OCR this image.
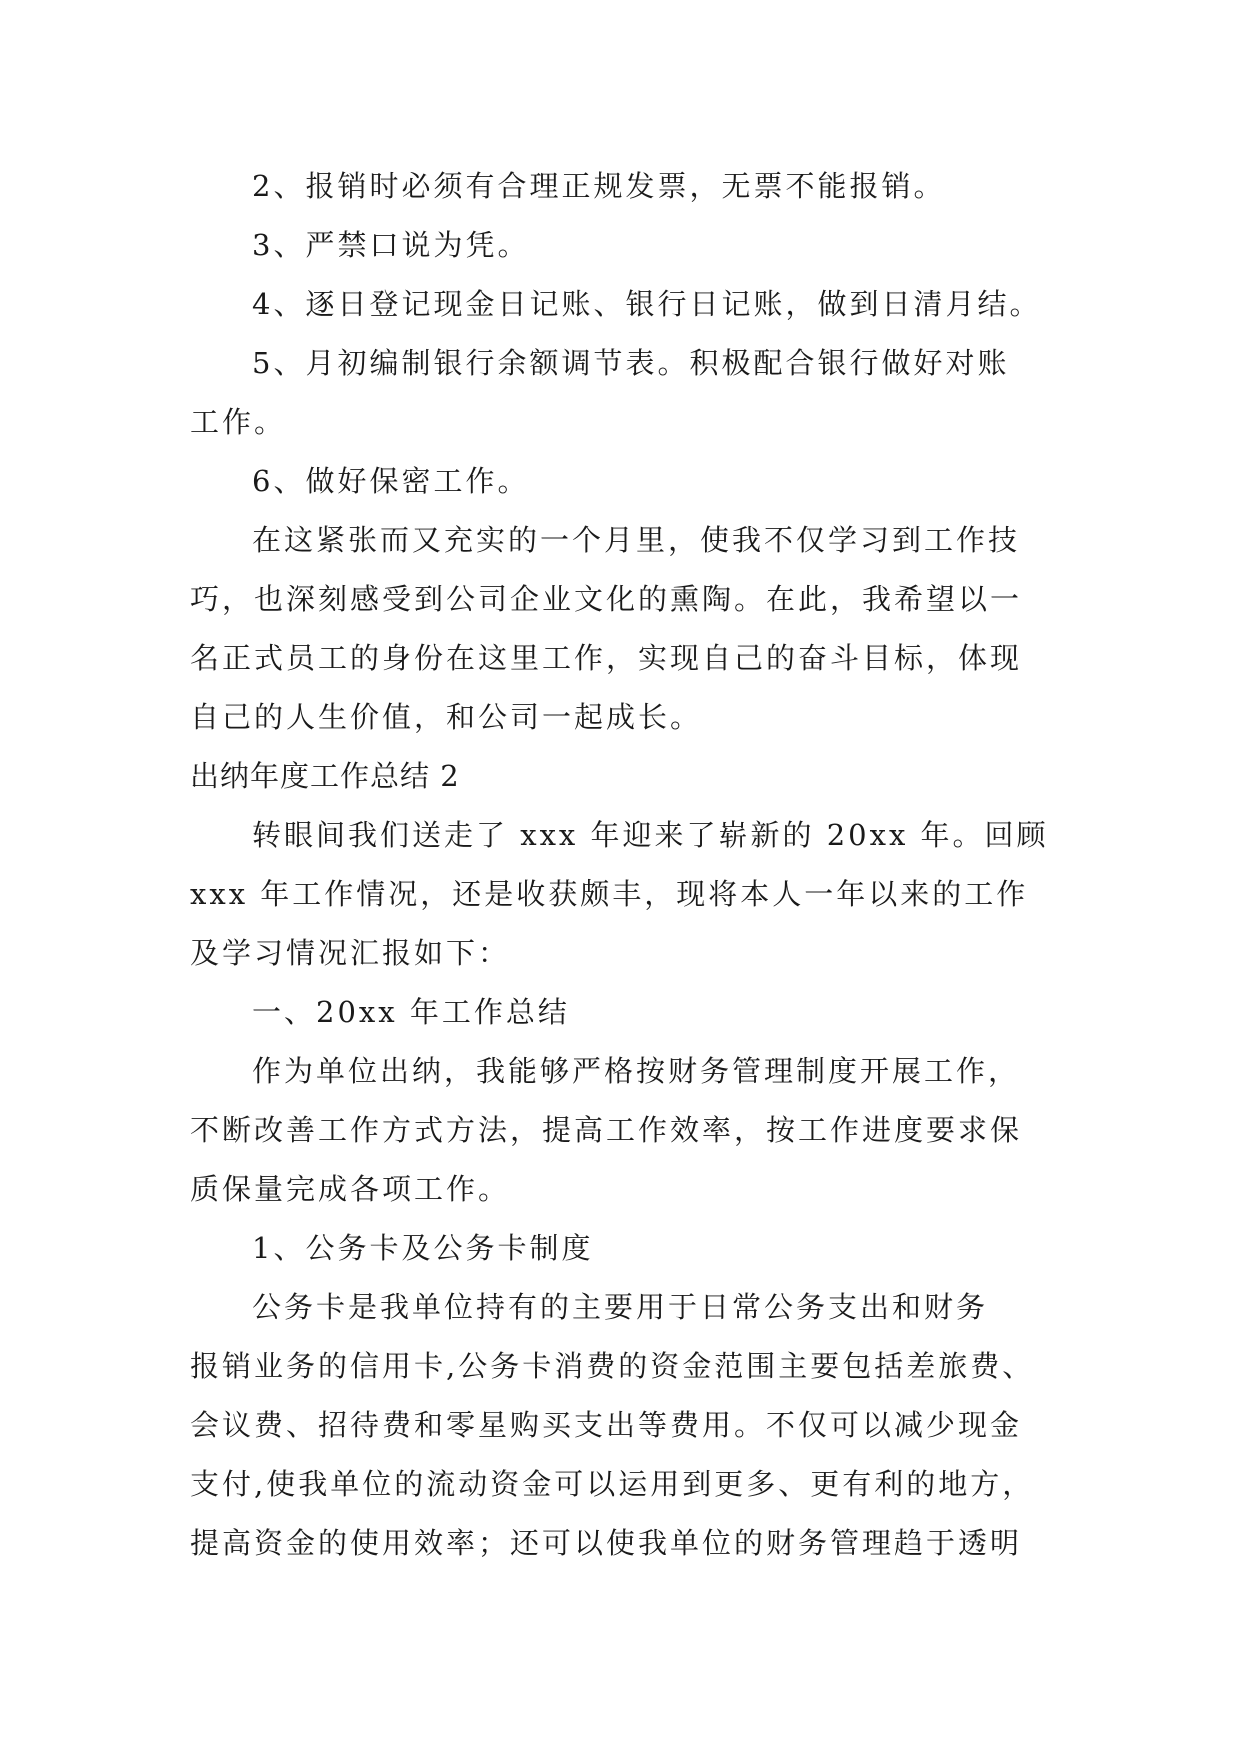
2、报销时必须有合理正规发票，无票不能报销。
3、严禁口说为凭。
4、逐日登记现金日记账、银行日记账，做到日清月结。
5、月初编制银行余额调节表。积极配合银行做好对账
工作。
6、做好保密工作。
在这紧张而又充实的一个月里，使我不仅学习到工作技
巧，也深刻感受到公司企业文化的熏陶。在此，我希望以一
名正式员工的身份在这里工作，实现自己的奋斗目标，体现
自己的人生价值，和公司一起成长。
出纳年度工作总结 2
转眼间我们送走了 xxx 年迎来了崭新的 20xx 年。回顾
xxx 年工作情况，还是收获颇丰，现将本人一年以来的工作
及学习情况汇报如下：
一、20xx 年工作总结
作为单位出纳，我能够严格按财务管理制度开展工作，
不断改善工作方式方法，提高工作效率，按工作进度要求保
质保量完成各项工作。
1、公务卡及公务卡制度
公务卡是我单位持有的主要用于日常公务支出和财务
报销业务的信用卡,公务卡消费的资金范围主要包括差旅费、
会议费、招待费和零星购买支出等费用。不仅可以减少现金
支付,使我单位的流动资金可以运用到更多、更有利的地方，
提高资金的使用效率；还可以使我单位的财务管理趋于透明
